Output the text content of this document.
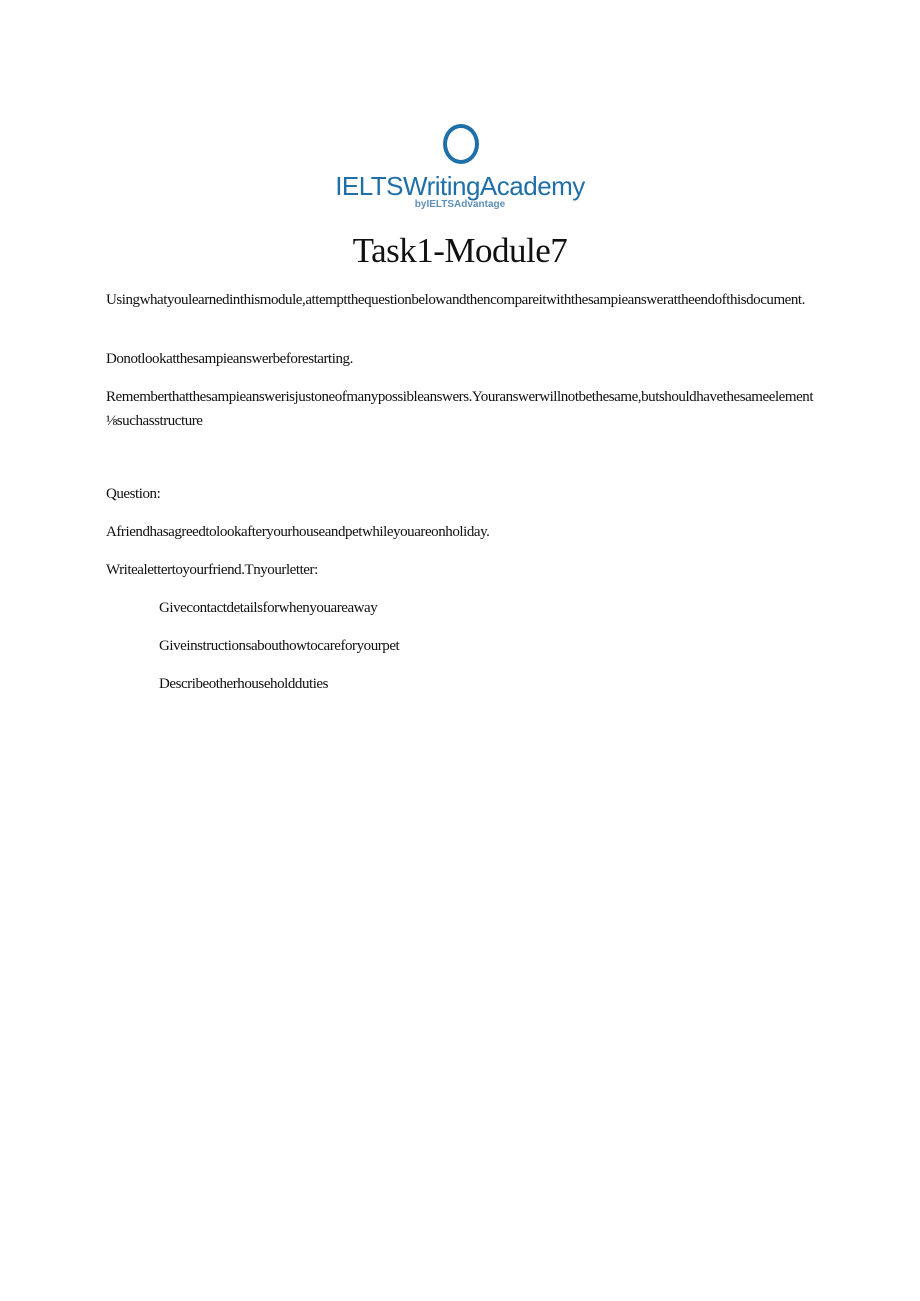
IELTSWritingAcademy
byIELTSAdvantage
Task1-Module7

Usingwhatyoulearnedinthismodule,attemptthequestionbelowandthencompareitwiththesampieanswerattheendofthisdocument.

Donotlookatthesampieanswerbeforestarting.

Rememberthatthesampieanswerisjustoneofmanypossibleanswers.Youranswerwillnotbethesame,butshouldhavethesameelement⅛suchasstructure

Question:

Afriendhasagreedtolookafteryourhouseandpetwhileyouareonholiday.

Writealettertoyourfriend.Tnyourletter:

Givecontactdetailsforwhenyouareaway

Giveinstructionsabouthowtocareforyourpet

Describeotherhouseholdduties
